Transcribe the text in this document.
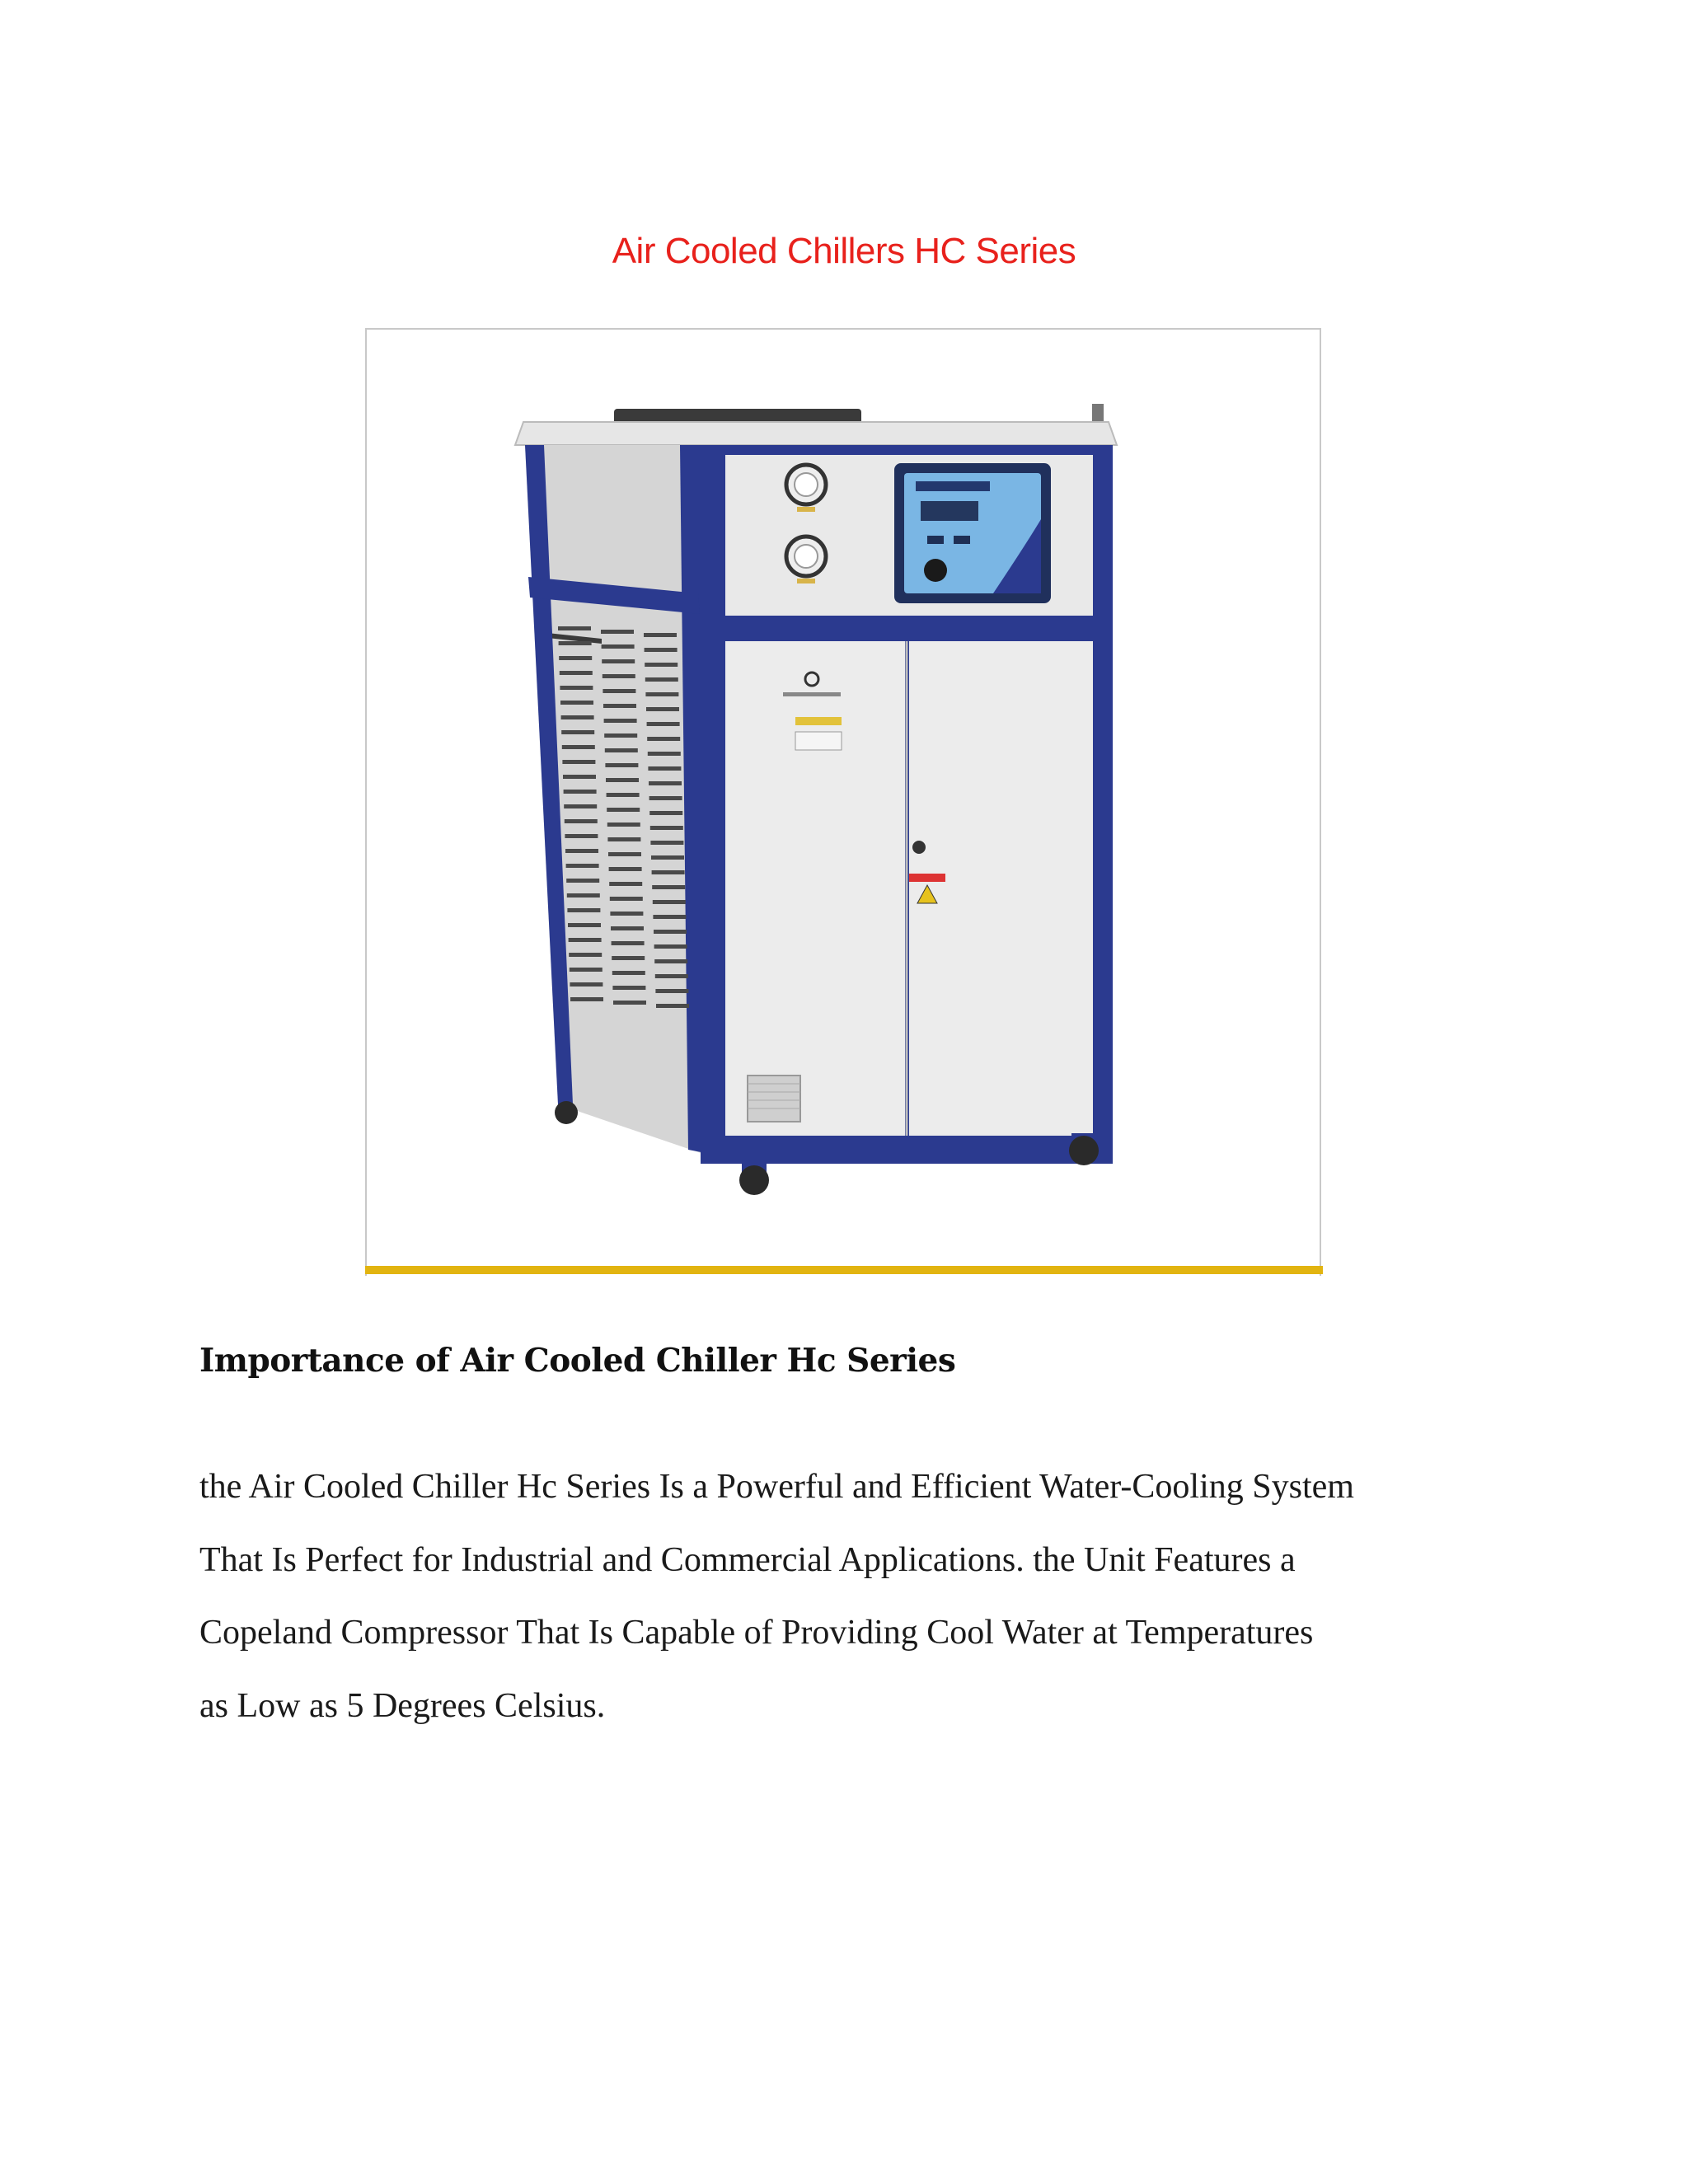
Air Cooled Chillers HC Series
Importance of Air Cooled Chiller Hc Series
the Air Cooled Chiller Hc Series Is a Powerful and Efficient Water-Cooling System
That Is Perfect for Industrial and Commercial Applications. the Unit Features a
Copeland Compressor That Is Capable of Providing Cool Water at Temperatures
as Low as 5 Degrees Celsius.
